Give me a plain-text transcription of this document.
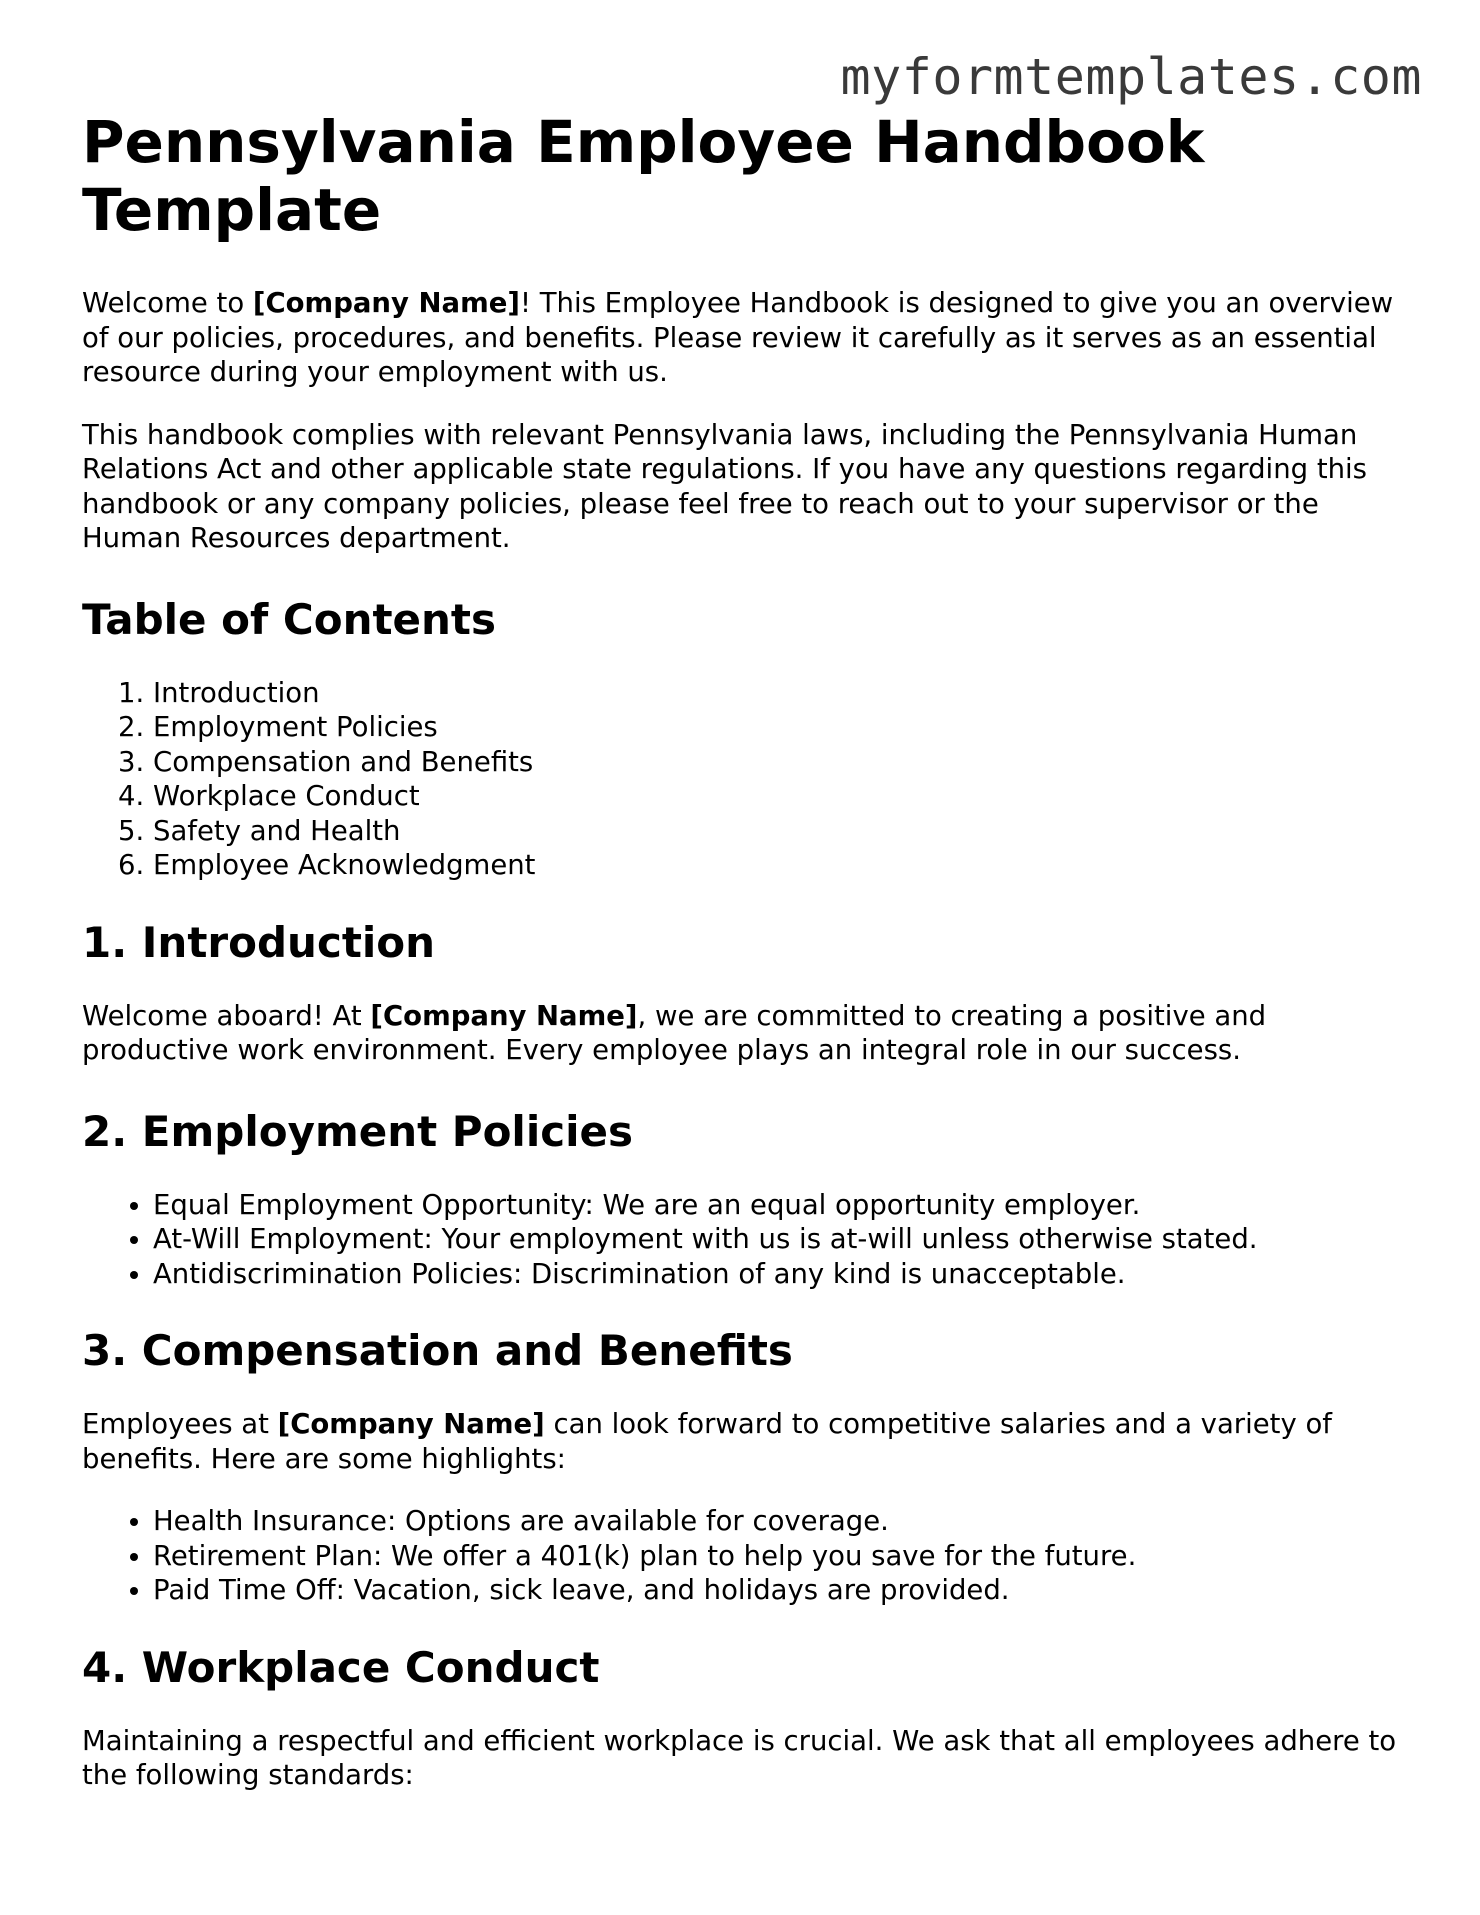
myformtemplates.com
Pennsylvania Employee Handbook Template

Welcome to [Company Name]! This Employee Handbook is designed to give you an overview of our policies, procedures, and benefits. Please review it carefully as it serves as an essential resource during your employment with us.

This handbook complies with relevant Pennsylvania laws, including the Pennsylvania Human Relations Act and other applicable state regulations. If you have any questions regarding this handbook or any company policies, please feel free to reach out to your supervisor or the Human Resources department.

Table of Contents
1. Introduction
2. Employment Policies
3. Compensation and Benefits
4. Workplace Conduct
5. Safety and Health
6. Employee Acknowledgment
1. Introduction

Welcome aboard! At [Company Name], we are committed to creating a positive and productive work environment. Every employee plays an integral role in our success.

2. Employment Policies
• Equal Employment Opportunity: We are an equal opportunity employer.
• At-Will Employment: Your employment with us is at-will unless otherwise stated.
• Antidiscrimination Policies: Discrimination of any kind is unacceptable.
3. Compensation and Benefits

Employees at [Company Name] can look forward to competitive salaries and a variety of benefits. Here are some highlights:

• Health Insurance: Options are available for coverage.
• Retirement Plan: We offer a 401(k) plan to help you save for the future.
• Paid Time Off: Vacation, sick leave, and holidays are provided.
4. Workplace Conduct

Maintaining a respectful and efficient workplace is crucial. We ask that all employees adhere to the following standards:
